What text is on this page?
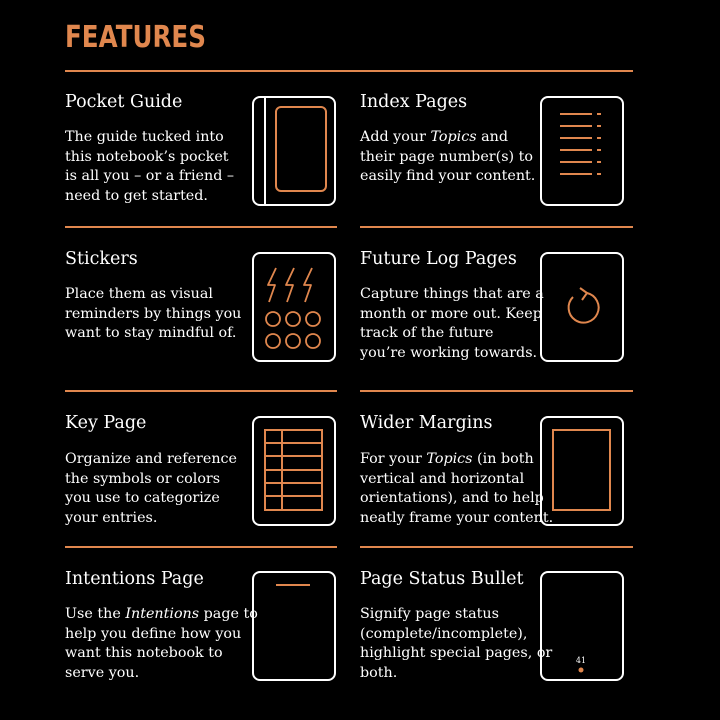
FEATURES
Pocket Guide
The guide tucked into
this notebook’s pocket
is all you – or a friend –
need to get started.
Index Pages
Add your Topics and
their page number(s) to
easily find your content.
Stickers
Place them as visual
reminders by things you
want to stay mindful of.
Future Log Pages
Capture things that are a
month or more out. Keep
track of the future
you’re working towards.
Key Page
Organize and reference
the symbols or colors
you use to categorize
your entries.
Wider Margins
For your Topics (in both
vertical and horizontal
orientations), and to help
neatly frame your content.
Intentions Page
Use the Intentions page to
help you define how you
want this notebook to
serve you.
Page Status Bullet
Signify page status
(complete/incomplete),
highlight special pages, or
both.
41
